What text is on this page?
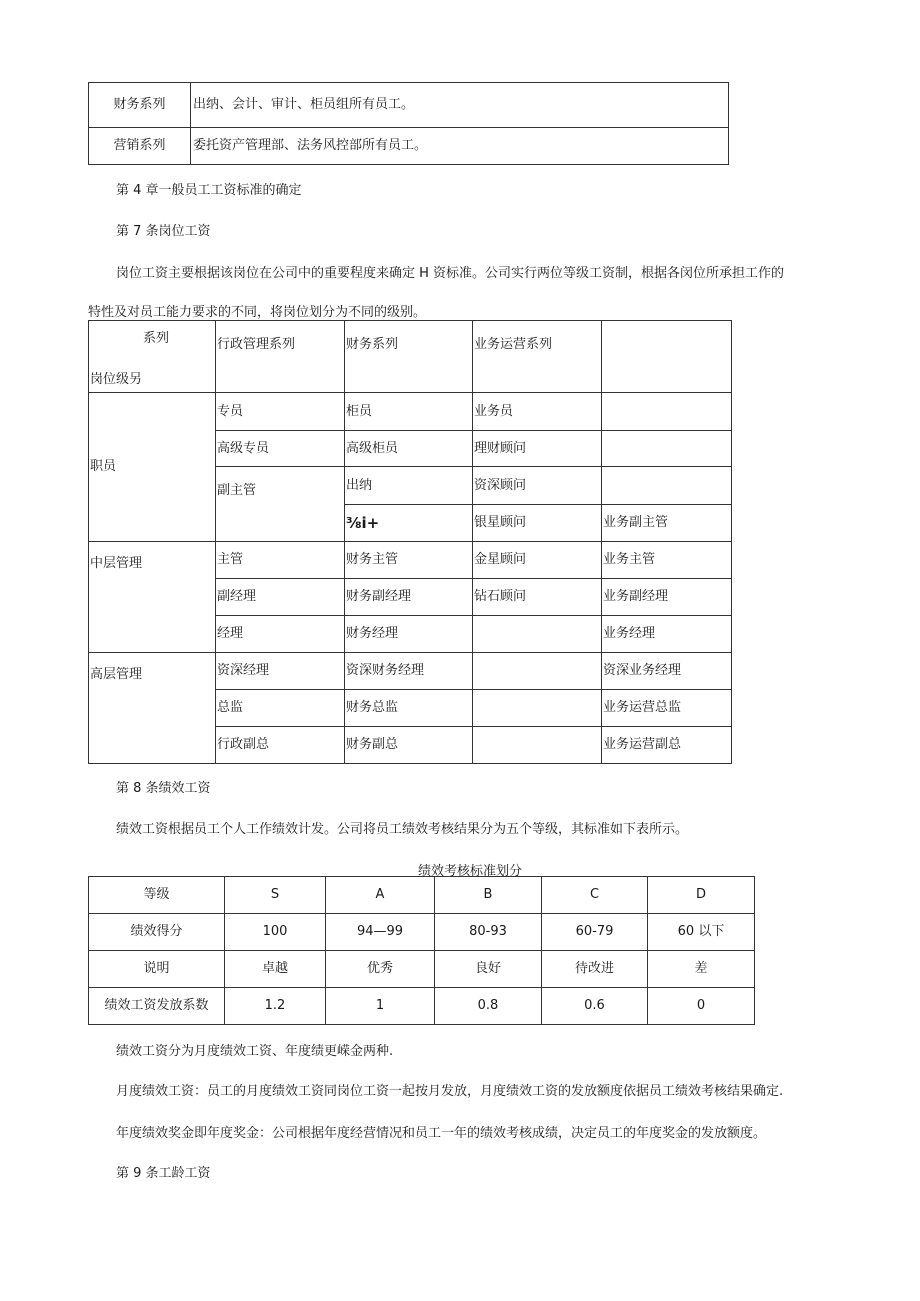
财务系列	出纳、会计、审计、柜员组所有员工。
营销系列	委托资产管理部、法务风控部所有员工。
第 4 章一般员工工资标准的确定
第 7 条岗位工资
岗位工资主要根据该岗位在公司中的重要程度来确定 H 资标准。公司实行两位等级工资制，根据各闵位所承担工作的
特性及对员工能力要求的不同，将岗位划分为不同的级别。
系列
岗位级另	行政管理系列	财务系列	业务运营系列	
职员	专员	柜员	业务员	
	高级专员	高级柜员	理财顾问	
	副主管	出纳	资深顾问	
		⅜i+	银星顾问	业务副主管
中层管理	主管	财务主管	金星顾问	业务主管
	副经理	财务副经理	钻石顾问	业务副经理
	经理	财务经理		业务经理
高层管理	资深经理	资深财务经理		资深业务经理
	总监	财务总监		业务运营总监
	行政副总	财务副总		业务运营副总
第 8 条绩效工资
绩效工资根据员工个人工作绩效计发。公司将员工绩效考核结果分为五个等级，其标准如下表所示。
绩效考核标准划分
等级	S	A	B	C	D
绩效得分	100	94—99	80-93	60-79	60 以下
说明	卓越	优秀	良好	待改进	差
绩效工资发放系数	1.2	1	0.8	0.6	0
绩效工资分为月度绩效工资、年度绩更嵘金两种.
月度绩效工资：员工的月度绩效工资同岗位工资一起按月发放，月度绩效工资的发放额度依据员工绩效考核结果确定.
年度绩效奖金即年度奖金：公司根据年度经营情况和员工一年的绩效考核成绩，决定员工的年度奖金的发放额度。
第 9 条工龄工资
